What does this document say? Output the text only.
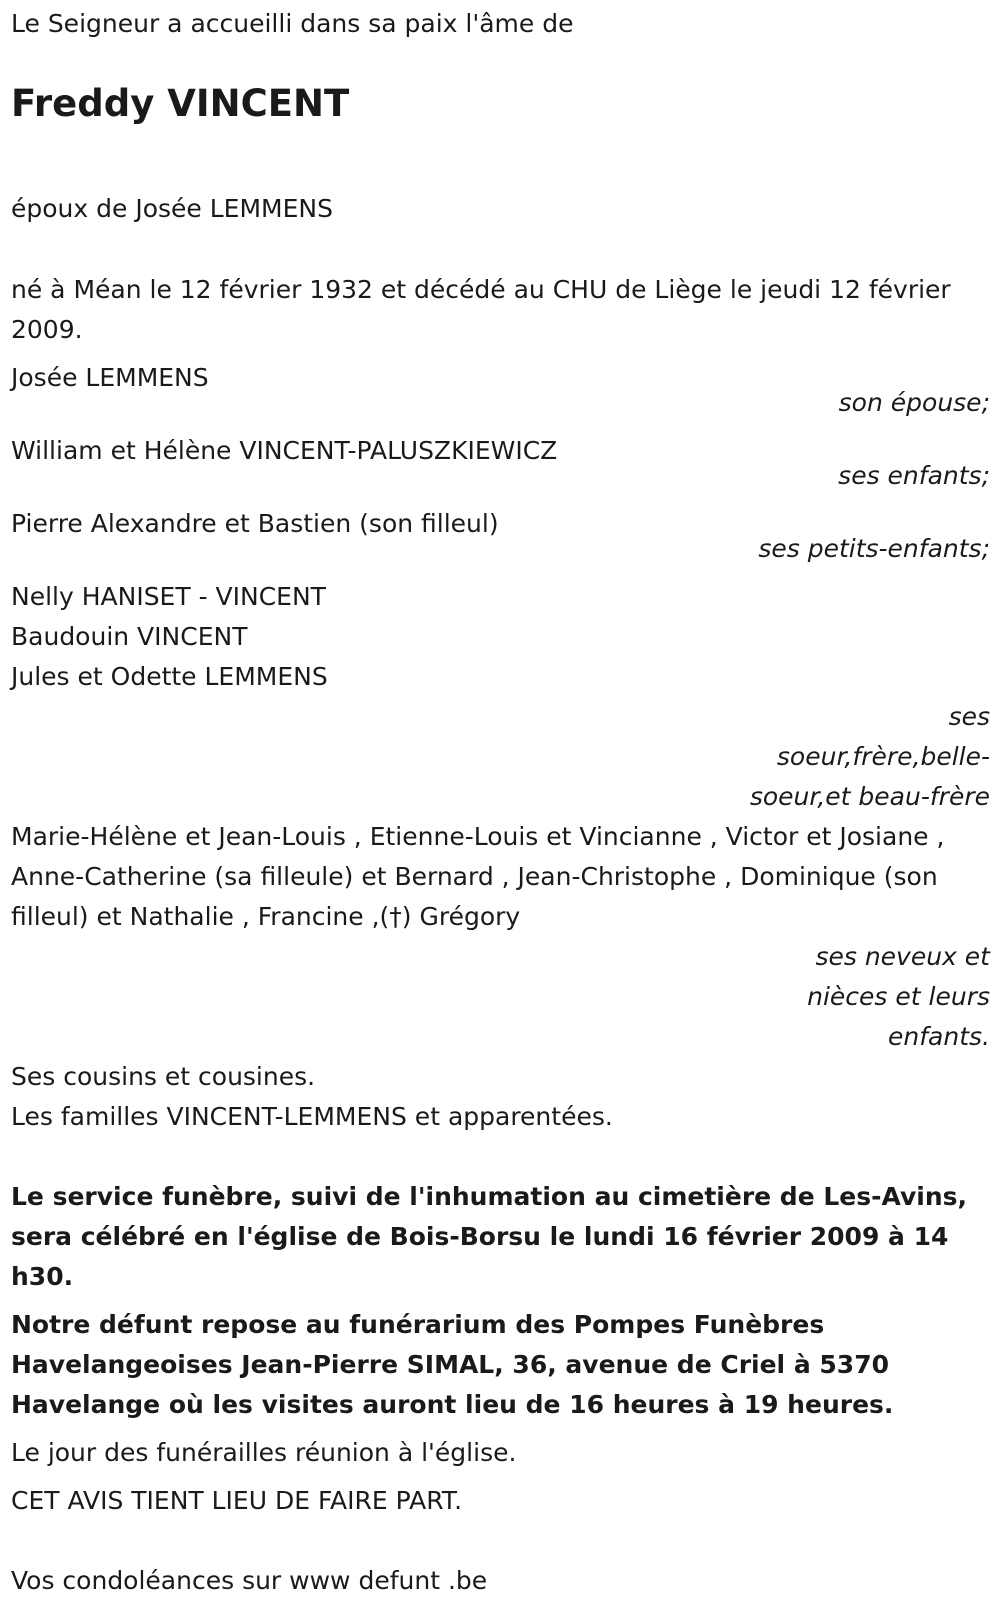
Le Seigneur a accueilli dans sa paix l'âme de

Freddy VINCENT

époux de Josée LEMMENS

né à Méan le 12 février 1932 et décédé au CHU de Liège le jeudi 12 février 2009.

Josée LEMMENS

son épouse;

William et Hélène VINCENT-PALUSZKIEWICZ

ses enfants;

Pierre Alexandre et Bastien (son filleul)

ses petits-enfants;

Nelly HANISET - VINCENT

Baudouin VINCENT

Jules et Odette LEMMENS

ses soeur,frère,belle-soeur,et beau-frère

Marie-Hélène et Jean-Louis , Etienne-Louis et Vincianne , Victor et Josiane , Anne-Catherine (sa filleule) et Bernard , Jean-Christophe , Dominique (son filleul) et Nathalie , Francine ,(†) Grégory

ses neveux et nièces et leurs enfants.

Ses cousins et cousines.

Les familles VINCENT-LEMMENS et apparentées.

Le service funèbre, suivi de l'inhumation au cimetière de Les-Avins, sera célébré en l'église de Bois-Borsu le lundi 16 février 2009 à 14 h30.

Notre défunt repose au funérarium des Pompes Funèbres Havelangeoises Jean-Pierre SIMAL, 36, avenue de Criel à 5370 Havelange où les visites auront lieu de 16 heures à 19 heures.

Le jour des funérailles réunion à l'église.

CET AVIS TIENT LIEU DE FAIRE PART.

Vos condoléances sur www defunt .be
